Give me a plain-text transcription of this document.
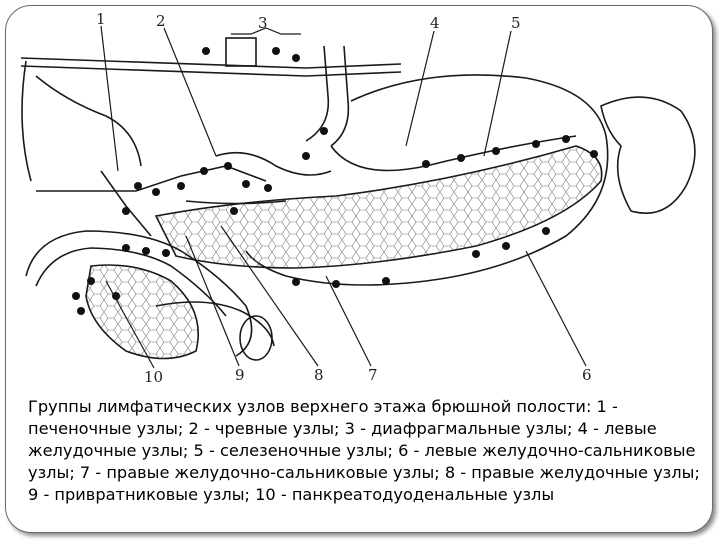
1	2	3	4	5
6
7
8
9
10
Группы лимфатических узлов верхнего этажа брюшной полости: 1 - печеночные узлы; 2 - чревные узлы; 3 - диафрагмальные узлы; 4 - левые желудочные узлы; 5 - селезеночные узлы; 6 - левые желудочно-сальниковые узлы; 7 - правые желудочно-сальниковые узлы; 8 - правые желудочные узлы; 9 - привратниковые узлы; 10 - панкреатодуоденальные узлы
